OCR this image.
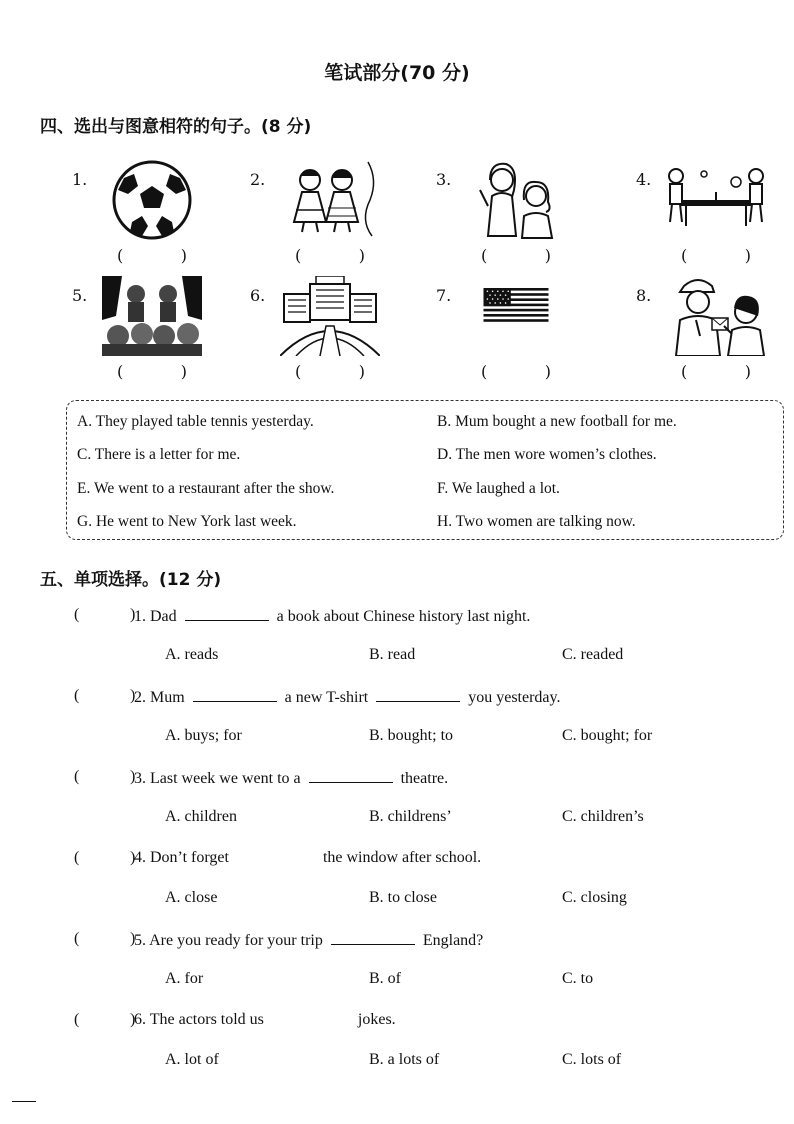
笔试部分(70 分)
四、选出与图意相符的句子。(8 分)
1.
(	)
2.
(	)
3.
(	)
4.
(	)
5.
(	)
6.
(	)
7.
(	)
8.
(	)
A. They played table tennis yesterday.	B. Mum bought a new football for me.
C. There is a letter for me.	D. The men wore women’s clothes.
E. We went to a restaurant after the show.	F. We laughed a lot.
G. He went to New York last week.	H. Two women are talking now.
五、单项选择。(12 分)
(	)
1. Dad	a book about Chinese history last night.
A. reads	B. read	C. readed
(	)
2. Mum	a new T-shirt	you yesterday.
A. buys; for	B. bought; to	C. bought; for
(	)
3. Last week we went to a	theatre.
A. children	B. childrens’	C. children’s
(	)
4. Don’t forget	the window after school.
A. close	B. to close	C. closing
(	)
5. Are you ready for your trip	England?
A. for	B. of	C. to
(	)
6. The actors told us	jokes.
A. lot of	B. a lots of	C. lots of
